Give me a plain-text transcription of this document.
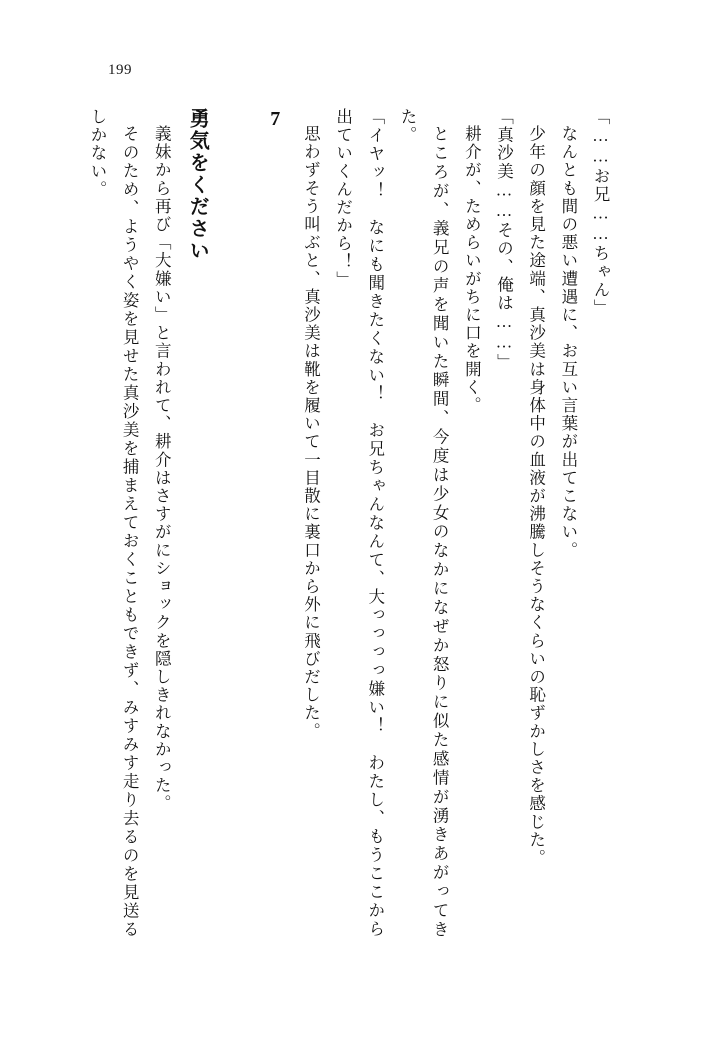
199

「……お兄……ちゃん」

なんとも間の悪い遭遇に、お互い言葉が出てこない。

少年の顔を見た途端、真沙美は身体中の血液が沸騰しそうなくらいの恥ずかしさを感じた。

「真沙美……その、俺は……」

耕介が、ためらいがちに口を開く。

ところが、義兄の声を聞いた瞬間、今度は少女のなかになぜか怒りに似た感情が湧きあがってきた。

「イヤッ！　なにも聞きたくない！　お兄ちゃんなんて、大っっっっ嫌い！　わたし、もうここから出ていくんだから！」

思わずそう叫ぶと、真沙美は靴を履いて一目散に裏口から外に飛びだした。

7

勇気をください

義妹から再び「大嫌い」と言われて、耕介はさすがにショックを隠しきれなかった。

そのため、ようやく姿を見せた真沙美を捕まえておくこともできず、みすみす走り去るのを見送るしかない。
